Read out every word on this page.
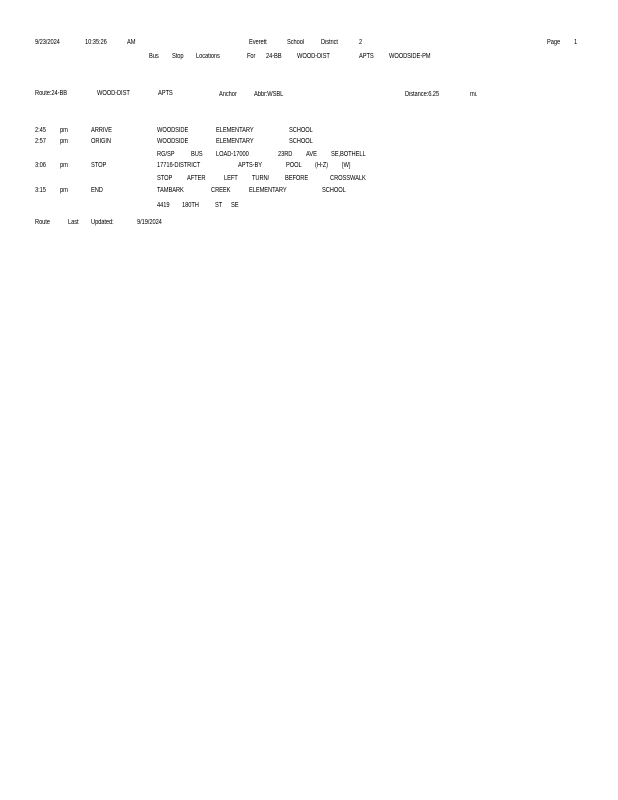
9/23/2024	10:35:26	AM	Everett	School District	2	Page 1
Bus Stop Locations	For 24-BB WOOD-DIST	APTS WOODSIDE-PM
Route:24-BB	WOOD-DIST	APTS	Anchor Abbr:WSBL	Distance:6.25	mi.
2:45 pm	ARRIVE	WOODSIDE	ELEMENTARY	SCHOOL
2:57 pm	ORIGIN	WOODSIDE	ELEMENTARY	SCHOOL
RG/SP BUS LOAD-17000	23RD AVE SE,BOTHELL
3:06 pm	STOP	17716-DISTRICT	APTS-BY	POOL (H-Z) [W]
STOP AFTER	LEFT TURN/ BEFORE	CROSSWALK
3:15 pm	END	TAMBARK	CREEK	ELEMENTARY	SCHOOL
4419 180TH ST SE
Route	Last Updated:	9/19/2024
